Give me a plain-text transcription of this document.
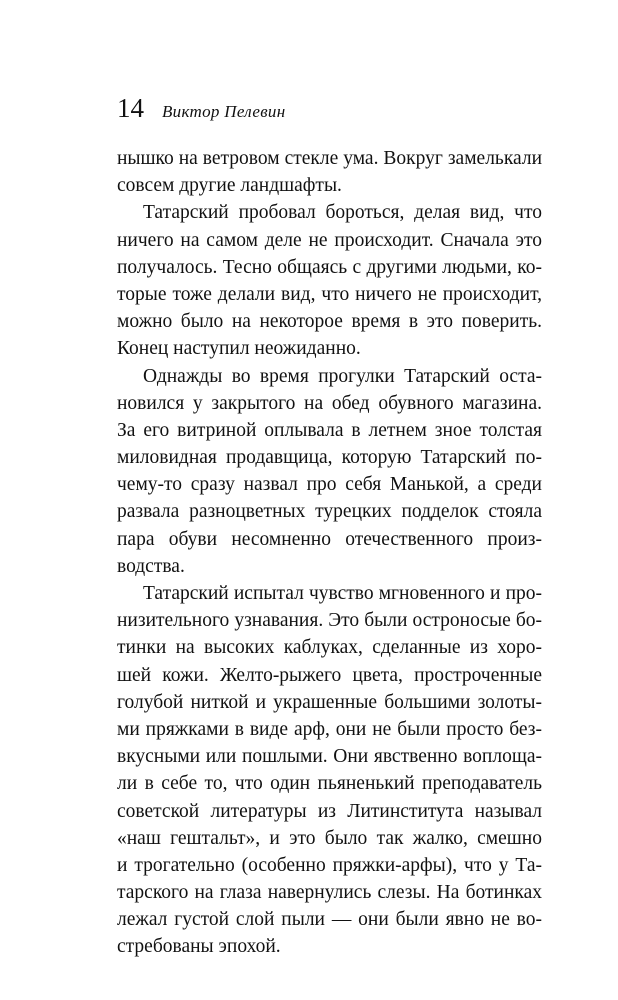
14 Виктор Пелевин
нышко на ветровом стекле ума. Вокруг замелькали
совсем другие ландшафты.
Татарский пробовал бороться, делая вид, что
ничего на самом деле не происходит. Сначала это
получалось. Тесно общаясь с другими людьми, ко-
торые тоже делали вид, что ничего не происходит,
можно было на некоторое время в это поверить.
Конец наступил неожиданно.
Однажды во время прогулки Татарский оста-
новился у закрытого на обед обувного магазина.
За его витриной оплывала в летнем зное толстая
миловидная продавщица, которую Татарский по-
чему-то сразу назвал про себя Манькой, а среди
развала разноцветных турецких подделок стояла
пара обуви несомненно отечественного произ-
водства.
Татарский испытал чувство мгновенного и про-
низительного узнавания. Это были остроносые бо-
тинки на высоких каблуках, сделанные из хоро-
шей кожи. Желто-рыжего цвета, простроченные
голубой ниткой и украшенные большими золоты-
ми пряжками в виде арф, они не были просто без-
вкусными или пошлыми. Они явственно воплоща-
ли в себе то, что один пьяненький преподаватель
советской литературы из Литинститута называл
«наш гештальт», и это было так жалко, смешно
и трогательно (особенно пряжки-арфы), что у Та-
тарского на глаза навернулись слезы. На ботинках
лежал густой слой пыли — они были явно не во-
стребованы эпохой.
